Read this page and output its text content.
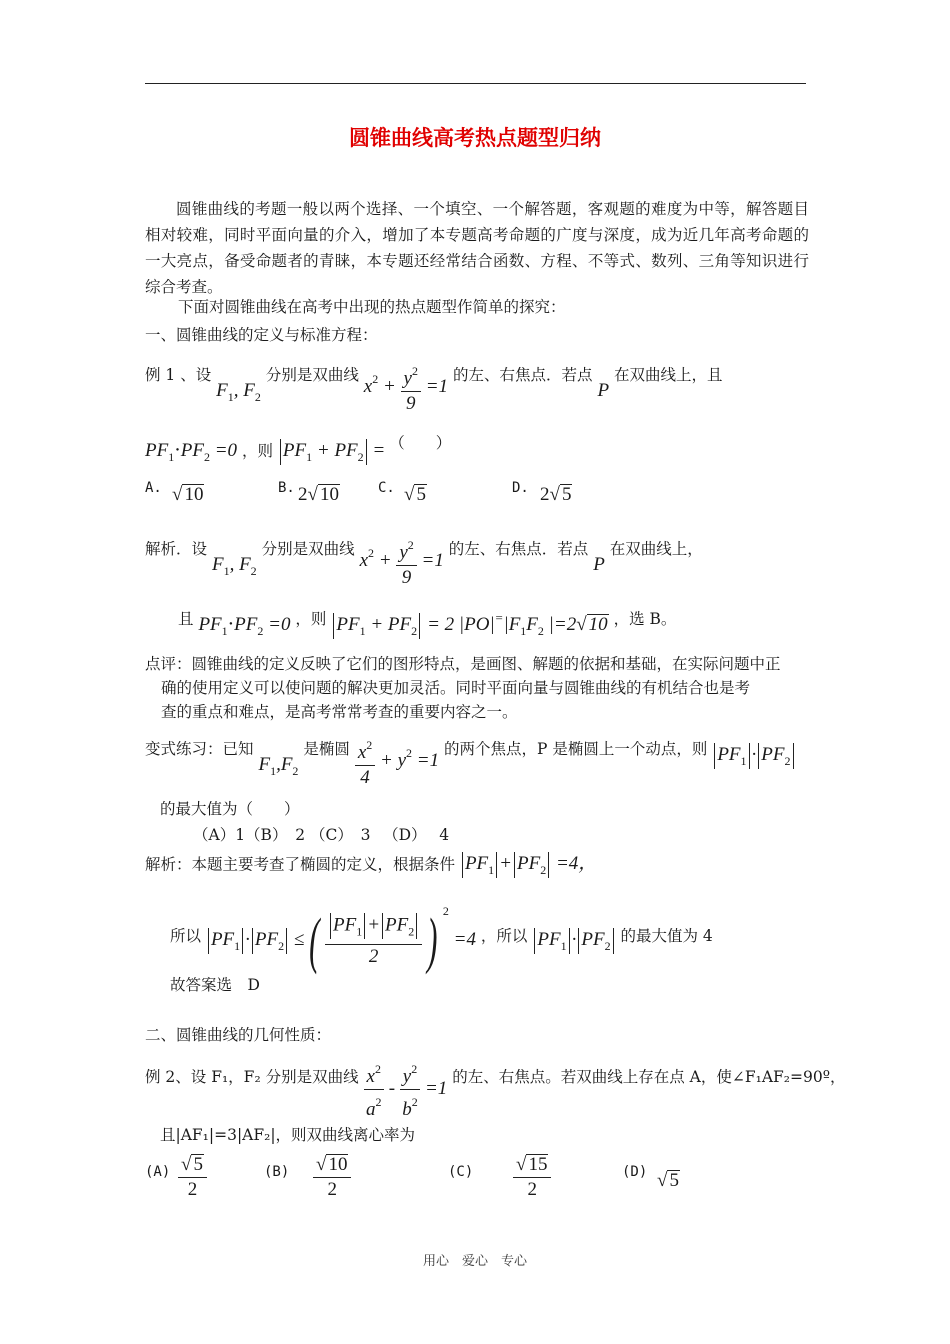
圆锥曲线高考热点题型归纳

圆锥曲线的考题一般以两个选择、一个填空、一个解答题，客观题的难度为中等，解答题目相对较难，同时平面向量的介入，增加了本专题高考命题的广度与深度，成为近几年高考命题的一大亮点，备受命题者的青睐，本专题还经常结合函数、方程、不等式、数列、三角等知识进行综合考查。

下面对圆锥曲线在高考中出现的热点题型作简单的探究：
一、圆锥曲线的定义与标准方程：
例 1 、设 $F_1$, $F_2$ 分别是双曲线 $x^2 + \frac{y^2}{9} =1$ 的左、右焦点．若点 P 在双曲线上，且
$PF_1\cdot PF_2 =0$ ，则 $PF_1 + PF_2$ = （　　）
A. √ 10	B. 2√ 10	C. √ 5	D. 2√ 5
解析．设 $F_1$, $F_2$ 分别是双曲线 $x^2 + \frac{y^2}{9} =1$ 的左、右焦点．若点 P 在双曲线上，
且 $PF_1\cdot PF_2 =0$ ，则 $PF_1 + PF_2 = 2$ $|PO|^=|F_1F_2$ |=2√ 10 ，选 B。
点评：圆锥曲线的定义反映了它们的图形特点，是画图、解题的依据和基础，在实际问题中正
确的使用定义可以使问题的解决更加灵活。同时平面向量与圆锥曲线的有机结合也是考
查的重点和难点，是高考常常考查的重要内容之一。
变式练习：已知 $F_1,F_2$ 是椭圆 $\frac{x^2}{4} + y^2 =1$ 的两个焦点，P 是椭圆上一个动点，则 $PF_1 \cdot PF_2$
的最大值为（　　）
（A）1（B）　2 （C）　3 　（D）　 4
解析：本题主要考查了椭圆的定义，根据条件 $PF_1 + PF_2 =4$，
所以 $PF_1 \cdot PF_2$ ≤( $\frac{PF_1 + PF_2}{2}$ ) $^2$ =4 ，所以 $PF_1 \cdot PF_2$ 的最大值为 4
故答案选　D
二、圆锥曲线的几何性质：
例 2、设 F₁，F₂ 分别是双曲线 $\frac{x^2}{a^2} - \frac{y^2}{b^2} =1$ 的左、右焦点。若双曲线上存在点 A，使∠F₁AF₂=90º，
且|AF₁|=3|AF₂|，则双曲线离心率为
$(A) \frac{√ 5}{2}$	$(B) \frac{√ 10}{2}$	$(C) \frac{√ 15}{2}$	(D) √ 5
用心　爱心　专心
